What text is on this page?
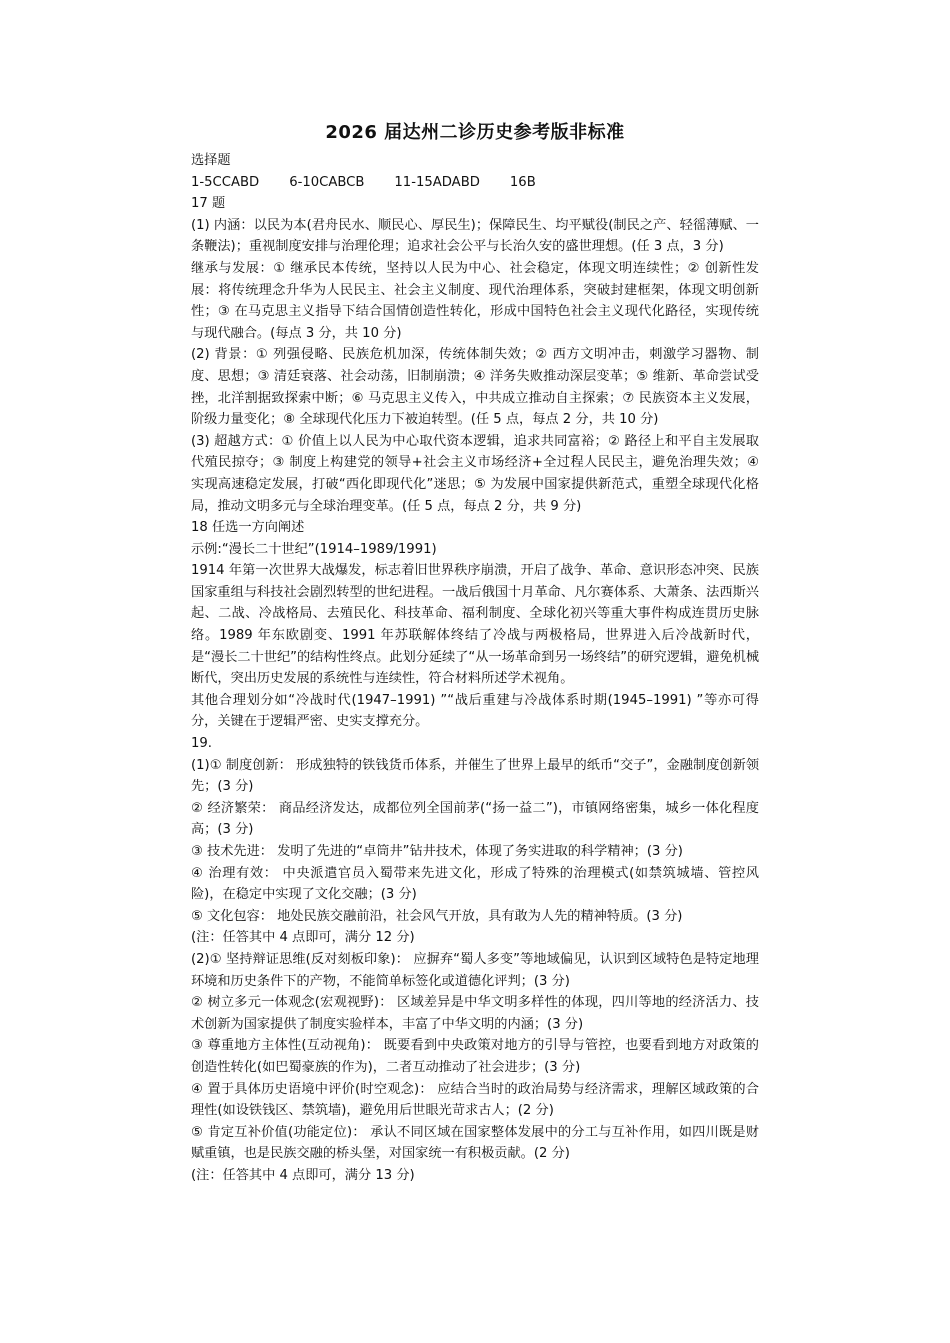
2026 届达州二诊历史参考版非标准

选择题

1-5CCABD 6-10CABCB 11-15ADABD 16B

17 题

(1) 内涵：以民为本(君舟民水、顺民心、厚民生)；保障民生、均平赋役(制民之产、轻徭薄赋、一条鞭法)；重视制度安排与治理伦理；追求社会公平与长治久安的盛世理想。(任 3 点，3 分)

继承与发展：① 继承民本传统，坚持以人民为中心、社会稳定，体现文明连续性；② 创新性发展：将传统理念升华为人民民主、社会主义制度、现代治理体系，突破封建框架，体现文明创新性；③ 在马克思主义指导下结合国情创造性转化，形成中国特色社会主义现代化路径，实现传统与现代融合。(每点 3 分，共 10 分)

(2) 背景：① 列强侵略、民族危机加深，传统体制失效；② 西方文明冲击，刺激学习器物、制度、思想；③ 清廷衰落、社会动荡，旧制崩溃；④ 洋务失败推动深层变革；⑤ 维新、革命尝试受挫，北洋割据致探索中断；⑥ 马克思主义传入，中共成立推动自主探索；⑦ 民族资本主义发展，阶级力量变化；⑧ 全球现代化压力下被迫转型。(任 5 点，每点 2 分，共 10 分)

(3) 超越方式：① 价值上以人民为中心取代资本逻辑，追求共同富裕；② 路径上和平自主发展取代殖民掠夺；③ 制度上构建党的领导+社会主义市场经济+全过程人民民主，避免治理失效；④ 实现高速稳定发展，打破“西化即现代化”迷思；⑤ 为发展中国家提供新范式，重塑全球现代化格局，推动文明多元与全球治理变革。(任 5 点，每点 2 分，共 9 分)

18 任选一方向阐述

示例:“漫长二十世纪”(1914–1989/1991)

1914 年第一次世界大战爆发，标志着旧世界秩序崩溃，开启了战争、革命、意识形态冲突、民族国家重组与科技社会剧烈转型的世纪进程。一战后俄国十月革命、凡尔赛体系、大萧条、法西斯兴起、二战、冷战格局、去殖民化、科技革命、福利制度、全球化初兴等重大事件构成连贯历史脉络。1989 年东欧剧变、1991 年苏联解体终结了冷战与两极格局，世界进入后冷战新时代，是“漫长二十世纪”的结构性终点。此划分延续了“从一场革命到另一场终结”的研究逻辑，避免机械断代，突出历史发展的系统性与连续性，符合材料所述学术视角。

其他合理划分如“冷战时代(1947–1991) ”“战后重建与冷战体系时期(1945–1991) ”等亦可得分，关键在于逻辑严密、史实支撑充分。

19.

(1)① 制度创新： 形成独特的铁钱货币体系，并催生了世界上最早的纸币“交子”，金融制度创新领先；(3 分)

② 经济繁荣： 商品经济发达，成都位列全国前茅(“扬一益二”)，市镇网络密集，城乡一体化程度高；(3 分)

③ 技术先进： 发明了先进的“卓筒井”钻井技术，体现了务实进取的科学精神；(3 分)

④ 治理有效： 中央派遣官员入蜀带来先进文化，形成了特殊的治理模式(如禁筑城墙、管控风险)，在稳定中实现了文化交融；(3 分)

⑤ 文化包容： 地处民族交融前沿，社会风气开放，具有敢为人先的精神特质。(3 分)

(注：任答其中 4 点即可，满分 12 分)

(2)① 坚持辩证思维(反对刻板印象)： 应摒弃“蜀人多变”等地域偏见，认识到区域特色是特定地理环境和历史条件下的产物，不能简单标签化或道德化评判；(3 分)

② 树立多元一体观念(宏观视野)： 区域差异是中华文明多样性的体现，四川等地的经济活力、技术创新为国家提供了制度实验样本，丰富了中华文明的内涵；(3 分)

③ 尊重地方主体性(互动视角)： 既要看到中央政策对地方的引导与管控，也要看到地方对政策的创造性转化(如巴蜀豪族的作为)，二者互动推动了社会进步；(3 分)

④ 置于具体历史语境中评价(时空观念)： 应结合当时的政治局势与经济需求，理解区域政策的合理性(如设铁钱区、禁筑墙)，避免用后世眼光苛求古人；(2 分)

⑤ 肯定互补价值(功能定位)： 承认不同区域在国家整体发展中的分工与互补作用，如四川既是财赋重镇，也是民族交融的桥头堡，对国家统一有积极贡献。(2 分)

(注：任答其中 4 点即可，满分 13 分)
